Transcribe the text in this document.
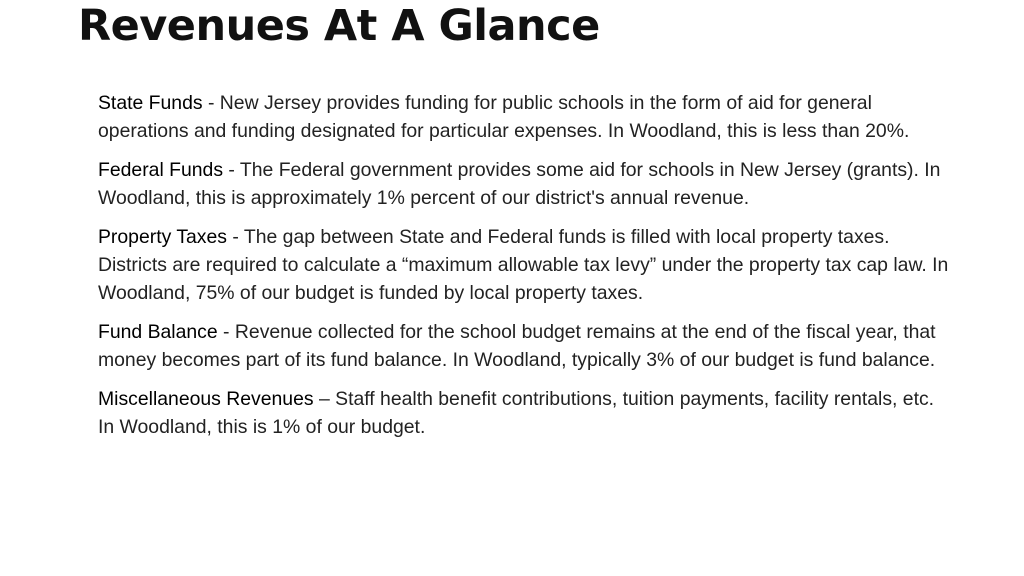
Revenues At A Glance

State Funds - New Jersey provides funding for public schools in the form of aid for general operations and funding designated for particular expenses. In Woodland, this is less than 20%.

Federal Funds - The Federal government provides some aid for schools in New Jersey (grants). In Woodland, this is approximately 1% percent of our district's annual revenue.

Property Taxes - The gap between State and Federal funds is filled with local property taxes. Districts are required to calculate a “maximum allowable tax levy” under the property tax cap law. In Woodland, 75% of our budget is funded by local property taxes.

Fund Balance - Revenue collected for the school budget remains at the end of the fiscal year, that money becomes part of its fund balance. In Woodland, typically 3% of our budget is fund balance.

Miscellaneous Revenues – Staff health benefit contributions, tuition payments, facility rentals, etc. In Woodland, this is 1% of our budget.
